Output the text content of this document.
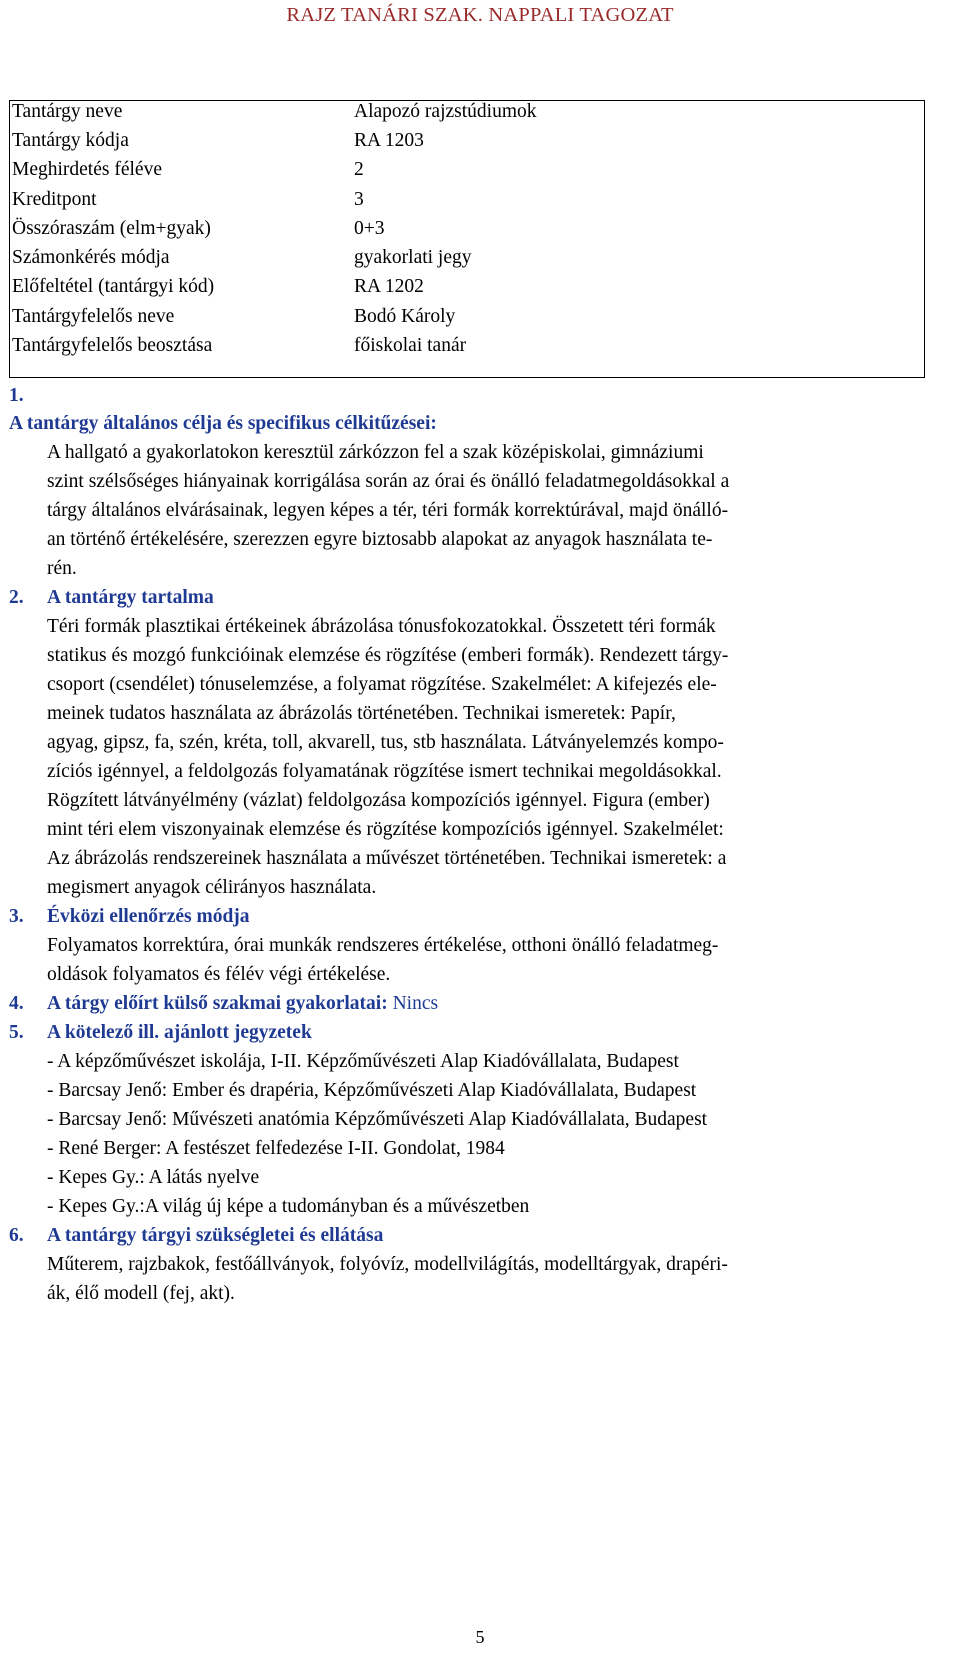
RAJZ TANÁRI SZAK. NAPPALI TAGOZAT
Tantárgy neve	Alapozó rajzstúdiumok
Tantárgy kódja	RA 1203
Meghirdetés féléve	2
Kreditpont	3
Összóraszám (elm+gyak)	0+3
Számonkérés módja	gyakorlati jegy
Előfeltétel (tantárgyi kód)	RA 1202
Tantárgyfelelős neve	Bodó Károly
Tantárgyfelelős beosztása	főiskolai tanár
1.
A tantárgy általános célja és specifikus célkitűzései:
A hallgató a gyakorlatokon keresztül zárkózzon fel a szak középiskolai, gimnáziumi
szint szélsőséges hiányainak korrigálása során az órai és önálló feladatmegoldásokkal a
tárgy általános elvárásainak, legyen képes a tér, téri formák korrektúrával, majd önálló-
an történő értékelésére, szerezzen egyre biztosabb alapokat az anyagok használata te-
rén.
2. A tantárgy tartalma
Téri formák plasztikai értékeinek ábrázolása tónusfokozatokkal. Összetett téri formák
statikus és mozgó funkcióinak elemzése és rögzítése (emberi formák). Rendezett tárgy-
csoport (csendélet) tónuselemzése, a folyamat rögzítése. Szakelmélet: A kifejezés ele-
meinek tudatos használata az ábrázolás történetében. Technikai ismeretek: Papír,
agyag, gipsz, fa, szén, kréta, toll, akvarell, tus, stb használata. Látványelemzés kompo-
zíciós igénnyel, a feldolgozás folyamatának rögzítése ismert technikai megoldásokkal.
Rögzített látványélmény (vázlat) feldolgozása kompozíciós igénnyel. Figura (ember)
mint téri elem viszonyainak elemzése és rögzítése kompozíciós igénnyel. Szakelmélet:
Az ábrázolás rendszereinek használata a művészet történetében. Technikai ismeretek: a
megismert anyagok célirányos használata.
3. Évközi ellenőrzés módja
Folyamatos korrektúra, órai munkák rendszeres értékelése, otthoni önálló feladatmeg-
oldások folyamatos és félév végi értékelése.
4. A tárgy előírt külső szakmai gyakorlatai: Nincs
5. A kötelező ill. ajánlott jegyzetek
- A képzőművészet iskolája, I-II. Képzőművészeti Alap Kiadóvállalata, Budapest
- Barcsay Jenő: Ember és drapéria, Képzőművészeti Alap Kiadóvállalata, Budapest
- Barcsay Jenő: Művészeti anatómia Képzőművészeti Alap Kiadóvállalata, Budapest
- René Berger: A festészet felfedezése I-II. Gondolat, 1984
- Kepes Gy.: A látás nyelve
- Kepes Gy.:A világ új képe a tudományban és a művészetben
6. A tantárgy tárgyi szükségletei és ellátása
Műterem, rajzbakok, festőállványok, folyóvíz, modellvilágítás, modelltárgyak, drapéri-
ák, élő modell (fej, akt).
5
